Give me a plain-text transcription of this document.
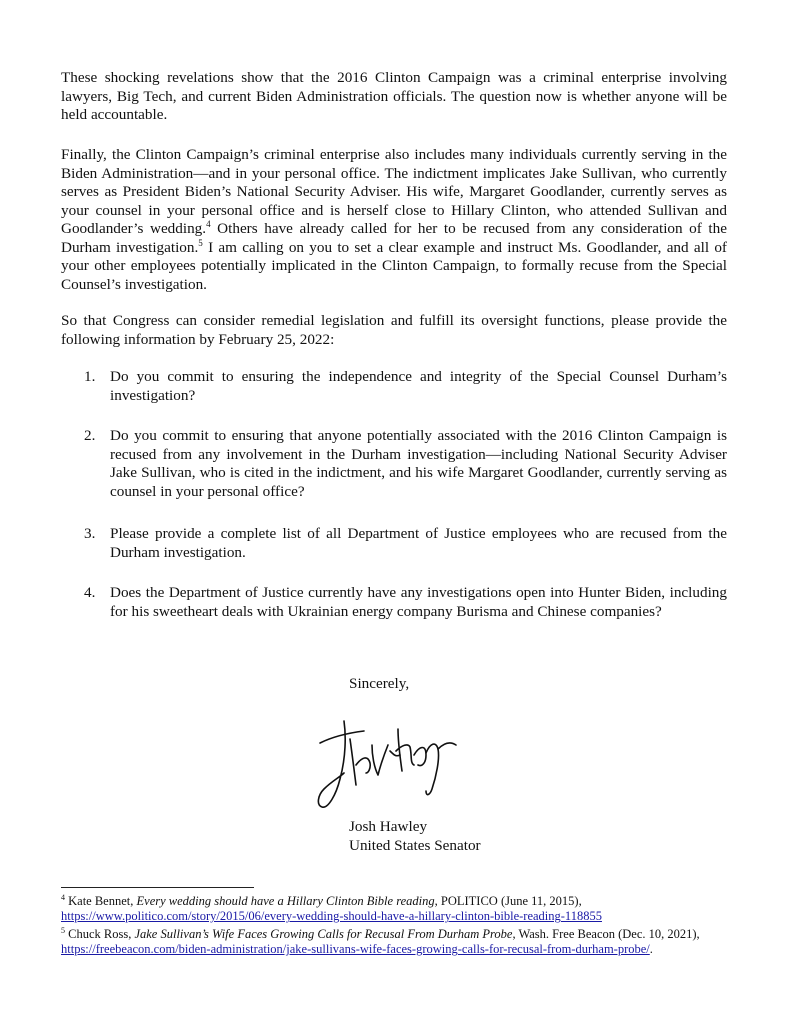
These shocking revelations show that the 2016 Clinton Campaign was a criminal enterprise involving lawyers, Big Tech, and current Biden Administration officials. The question now is whether anyone will be held accountable.

Finally, the Clinton Campaign’s criminal enterprise also includes many individuals currently serving in the Biden Administration—and in your personal office. The indictment implicates Jake Sullivan, who currently serves as President Biden’s National Security Adviser. His wife, Margaret Goodlander, currently serves as your counsel in your personal office and is herself close to Hillary Clinton, who attended Sullivan and Goodlander’s wedding.$^4$ Others have already called for her to be recused from any consideration of the Durham investigation.$^5$ I am calling on you to set a clear example and instruct Ms. Goodlander, and all of your other employees potentially implicated in the Clinton Campaign, to formally recuse from the Special Counsel’s investigation.

So that Congress can consider remedial legislation and fulfill its oversight functions, please provide the following information by February 25, 2022:

1. Do you commit to ensuring the independence and integrity of the Special Counsel Durham’s investigation?
2. Do you commit to ensuring that anyone potentially associated with the 2016 Clinton Campaign is recused from any involvement in the Durham investigation—including National Security Adviser Jake Sullivan, who is cited in the indictment, and his wife Margaret Goodlander, currently serving as counsel in your personal office?
3. Please provide a complete list of all Department of Justice employees who are recused from the Durham investigation.
4. Does the Department of Justice currently have any investigations open into Hunter Biden, including for his sweetheart deals with Ukrainian energy company Burisma and Chinese companies?
Sincerely,
Josh Hawley
United States Senator

$^4$ Kate Bennet, Every wedding should have a Hillary Clinton Bible reading, POLITICO (June 11, 2015),
https://www.politico.com/story/2015/06/every-wedding-should-have-a-hillary-clinton-bible-reading-118855

$^5$ Chuck Ross, Jake Sullivan’s Wife Faces Growing Calls for Recusal From Durham Probe, Wash. Free Beacon (Dec. 10, 2021), https://freebeacon.com/biden-administration/jake-sullivans-wife-faces-growing-calls-for-recusal-from-durham-probe/.
